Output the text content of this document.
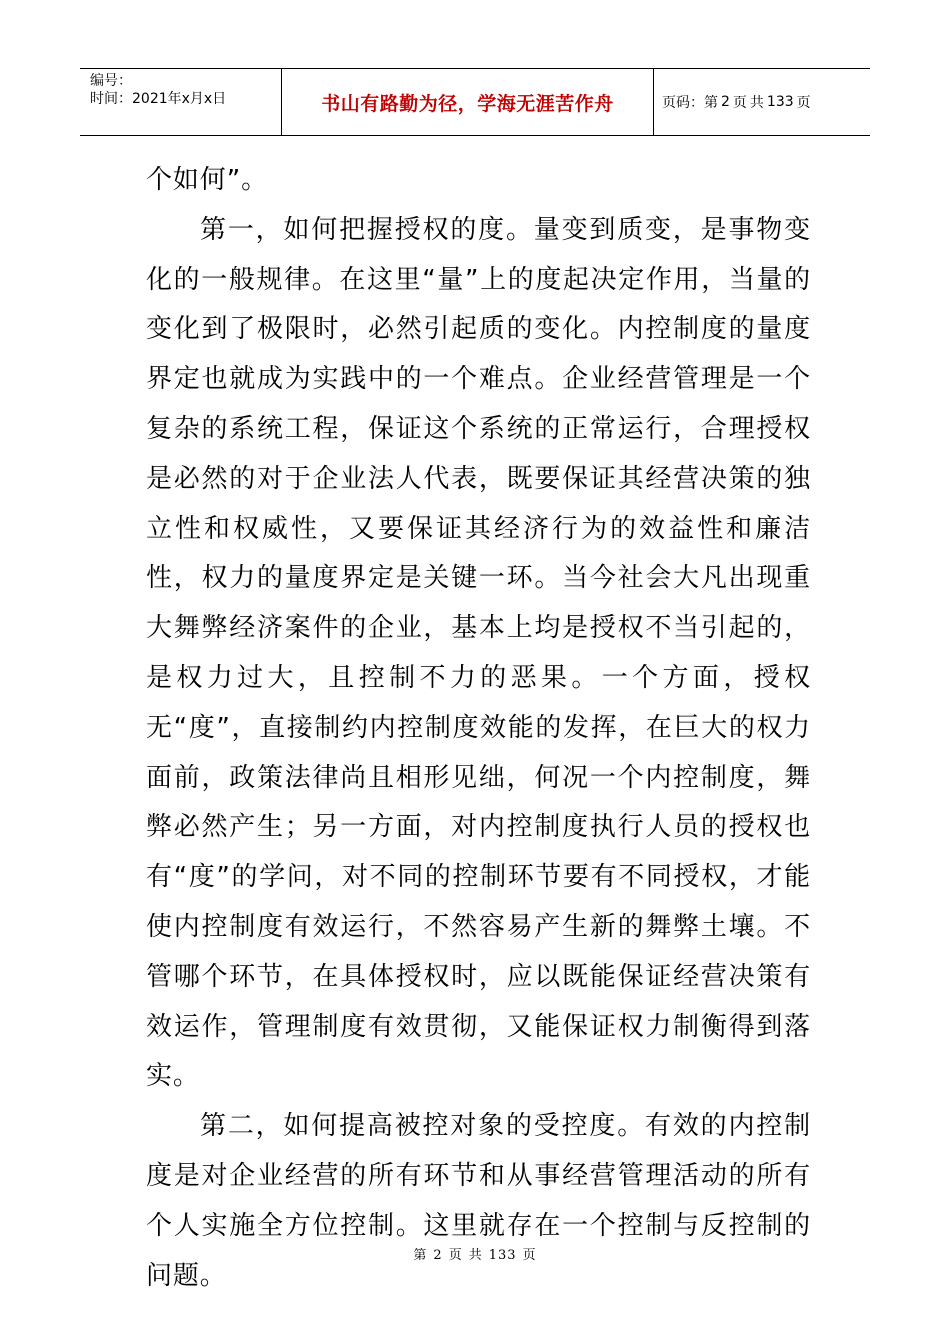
编号：
时间：2021年x月x日	书山有路勤为径，学海无涯苦作舟	页码：第 2 页 共 133 页

个如何”。

第一，如何把握授权的度。量变到质变，是事物变化的一般规律。在这里“量”上的度起决定作用，当量的变化到了极限时，必然引起质的变化。内控制度的量度界定也就成为实践中的一个难点。企业经营管理是一个复杂的系统工程，保证这个系统的正常运行，合理授权是必然的对于企业法人代表，既要保证其经营决策的独立性和权威性，又要保证其经济行为的效益性和廉洁性，权力的量度界定是关键一环。当今社会大凡出现重大舞弊经济案件的企业，基本上均是授权不当引起的，是权力过大，且控制不力的恶果。一个方面，授权无“度”，直接制约内控制度效能的发挥，在巨大的权力面前，政策法律尚且相形见绌，何况一个内控制度，舞弊必然产生；另一方面，对内控制度执行人员的授权也有“度”的学问，对不同的控制环节要有不同授权，才能使内控制度有效运行，不然容易产生新的舞弊土壤。不管哪个环节，在具体授权时，应以既能保证经营决策有效运作，管理制度有效贯彻，又能保证权力制衡得到落实。

第二，如何提高被控对象的受控度。有效的内控制度是对企业经营的所有环节和从事经营管理活动的所有个人实施全方位控制。这里就存在一个控制与反控制的问题。

第 2 页 共 133 页
